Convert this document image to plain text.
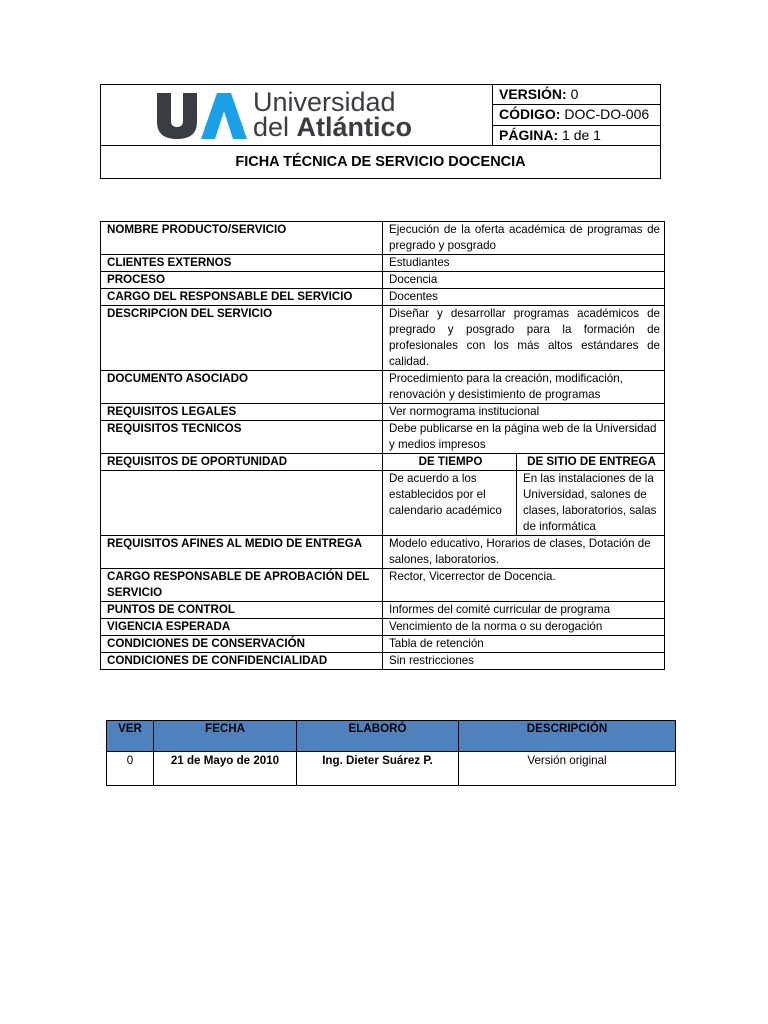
Universidad
del Atlántico
	VERSIÓN: 0
CÓDIGO: DOC-DO-006
PÁGINA: 1 de 1
FICHA TÉCNICA DE SERVICIO DOCENCIA
NOMBRE PRODUCTO/SERVICIO	Ejecución de la oferta académica de programas de pregrado y posgrado	
CLIENTES EXTERNOS	Estudiantes	
PROCESO	Docencia	
CARGO DEL RESPONSABLE DEL SERVICIO	Docentes	
DESCRIPCION DEL SERVICIO	Diseñar y desarrollar programas académicos de pregrado y posgrado para la formación de profesionales con los más altos estándares de calidad.	
DOCUMENTO ASOCIADO	Procedimiento para la creación, modificación, renovación y desistimiento de programas	
REQUISITOS LEGALES	Ver normograma institucional	
REQUISITOS TECNICOS	Debe publicarse en la página web de la Universidad y medios impresos	
REQUISITOS DE OPORTUNIDAD	DE TIEMPO	DE SITIO DE ENTREGA
	De acuerdo a los establecidos por el calendario académico	En las instalaciones de la Universidad, salones de clases, laboratorios, salas de informática
REQUISITOS AFINES AL MEDIO DE ENTREGA	Modelo educativo, Horarios de clases, Dotación de salones, laboratorios.	
CARGO RESPONSABLE DE APROBACIÓN DEL SERVICIO	Rector, Vicerrector de Docencia.	
PUNTOS DE CONTROL	Informes del comité curricular de programa	
VIGENCIA ESPERADA	Vencimiento de la norma o su derogación	
CONDICIONES DE CONSERVACIÓN	Tabla de retención	
CONDICIONES DE CONFIDENCIALIDAD	Sin restricciones	
VER	FECHA	ELABORÓ	DESCRIPCIÓN
0	21 de Mayo de 2010	Ing. Dieter Suárez P.	Versión original
